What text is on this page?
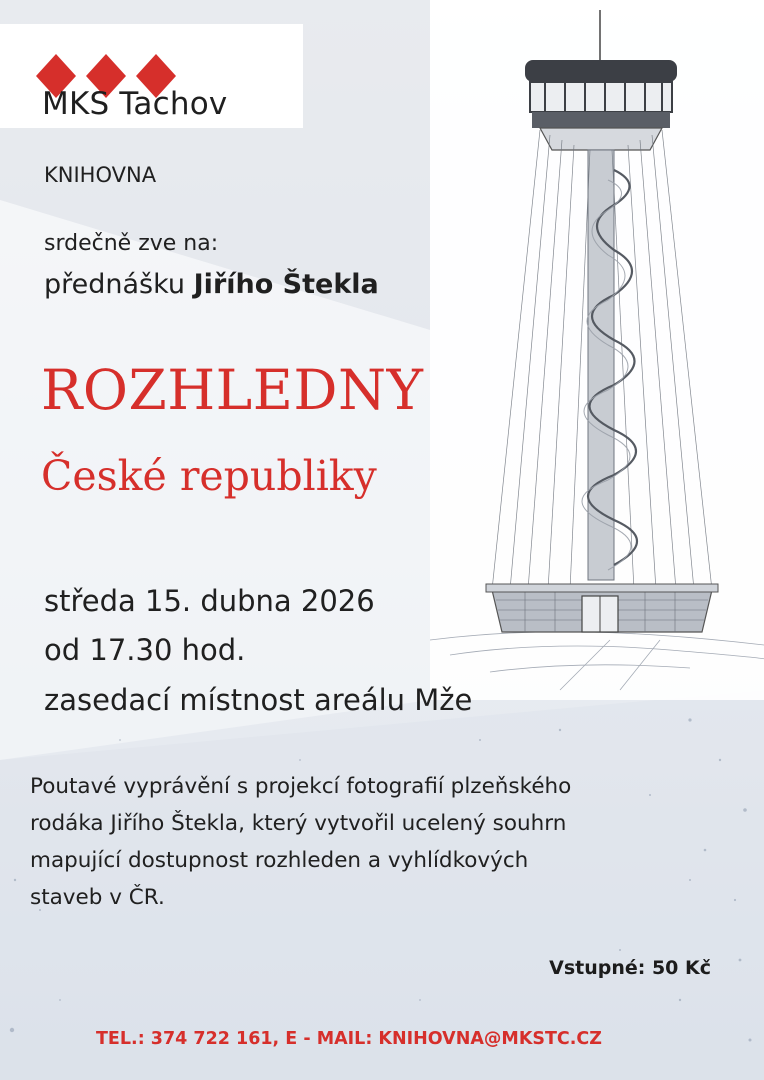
MKS Tachov
KNIHOVNA
srdečně zve na:
přednášku Jiřího Štekla
ROZHLEDNY
České republiky
středa 15. dubna 2026
od 17.30 hod.
zasedací místnost areálu Mže
Poutavé vyprávění s projekcí fotografií plzeňského
rodáka Jiřího Štekla, který vytvořil ucelený souhrn
mapující dostupnost rozhleden a vyhlídkových
staveb v ČR.
Vstupné: 50 Kč
TEL.: 374 722 161, E - MAIL: KNIHOVNA@MKSTC.CZ
